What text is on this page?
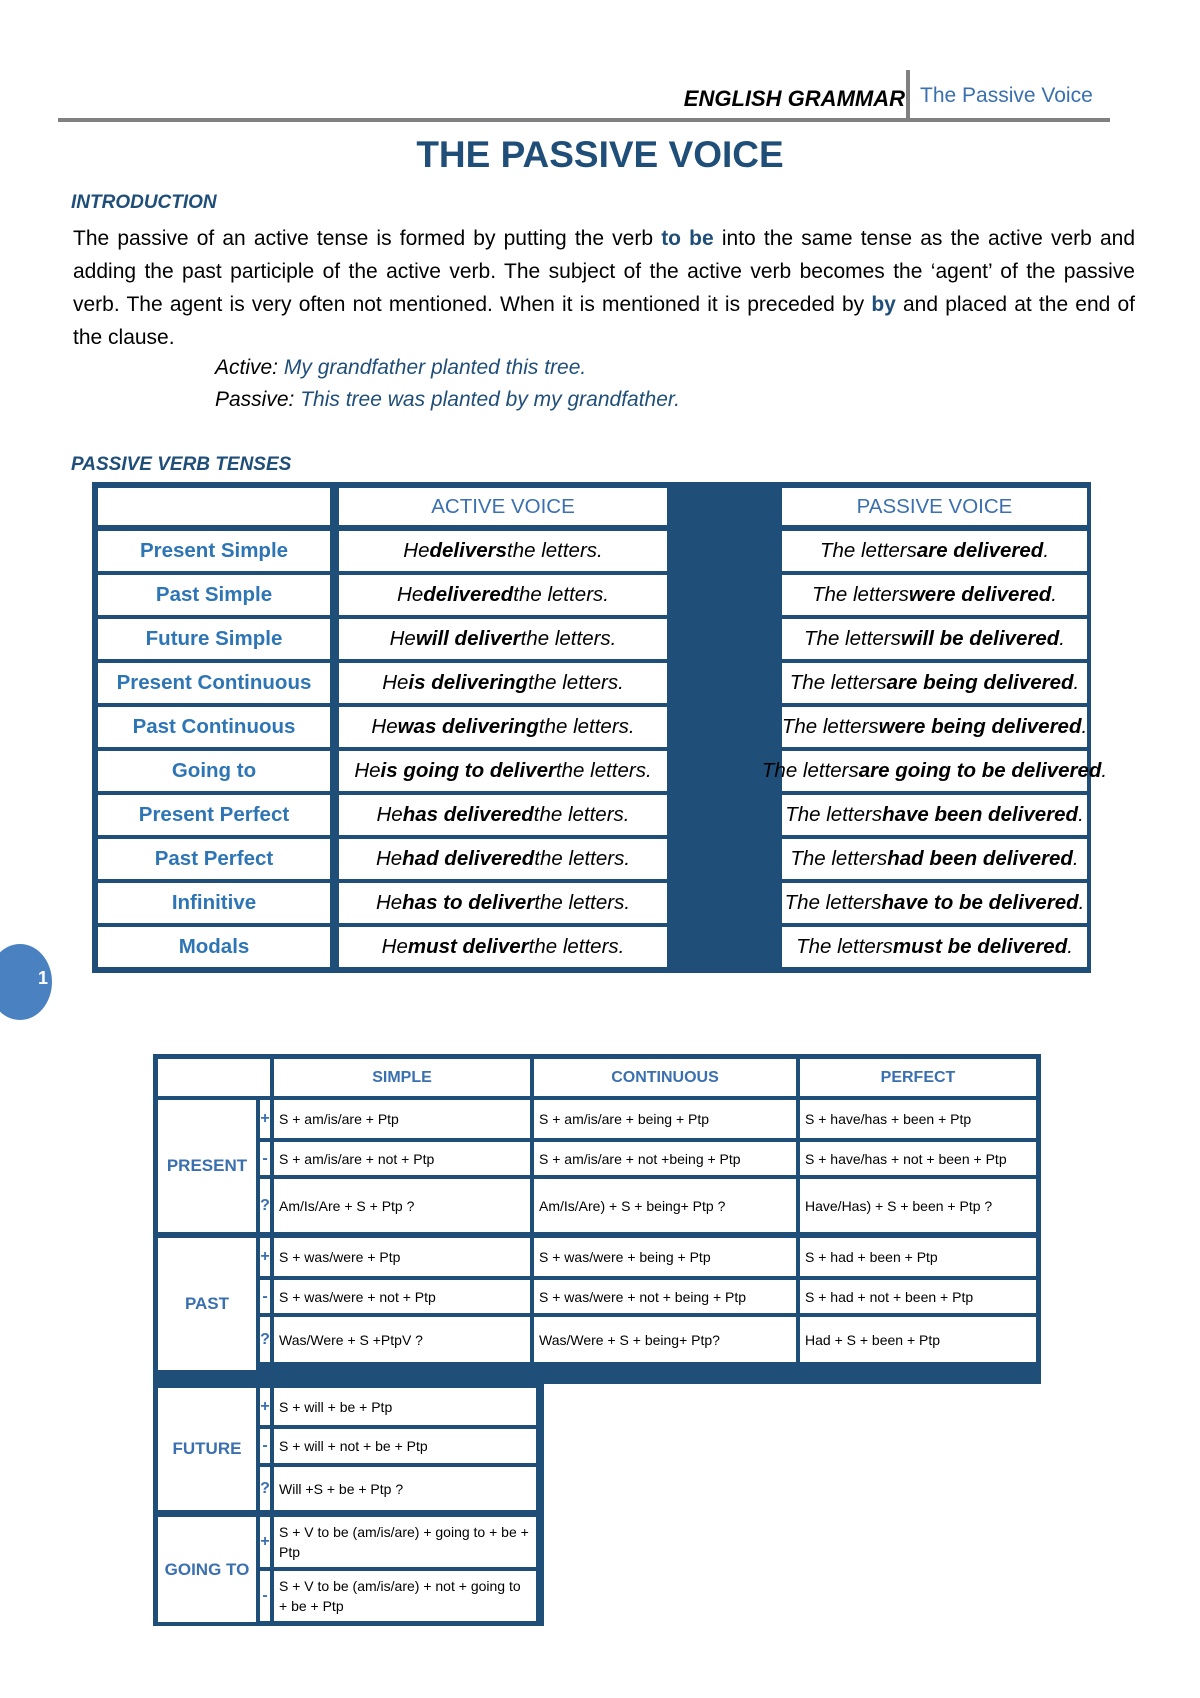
ENGLISH GRAMMAR The Passive Voice
THE PASSIVE VOICE
INTRODUCTION
The passive of an active tense is formed by putting the verb to be into the same tense as the active verb and adding the past participle of the active verb. The subject of the active verb becomes the ‘agent’ of the passive verb. The agent is very often not mentioned. When it is mentioned it is preceded by by and placed at the end of the clause.
Active: My grandfather planted this tree.
Passive: This tree was planted by my grandfather.
PASSIVE VERB TENSES
ACTIVE VOICE	PASSIVE VOICE
Present Simple	He delivers the letters.	The letters are delivered .
Past Simple	He delivered the letters.	The letters were delivered .
Future Simple	He will deliver the letters.	The letters will be delivered .
Present Continuous	He is delivering the letters.	The letters are being delivered .
Past Continuous	He was delivering the letters.	The letters were being delivered .
Going to	He is going to deliver the letters.	The letters are going to be delivered .
Present Perfect	He has delivered the letters.	The letters have been delivered .
Past Perfect	He had delivered the letters.	The letters had been delivered .
Infinitive	He has to deliver the letters.	The letters have to be delivered .
Modals	He must deliver the letters.	The letters must be delivered .
1
SIMPLE	CONTINUOUS	PERFECT
PRESENT
+ S + am/is/are + Ptp	S + am/is/are + being + Ptp	S + have/has + been + Ptp
- S + am/is/are + not + Ptp	S + am/is/are + not +being + Ptp	S + have/has + not + been + Ptp
? Am/Is/Are + S + Ptp ?	Am/Is/Are) + S + being+ Ptp ?	Have/Has) + S + been + Ptp ?
PAST
+ S + was/were + Ptp	S + was/were + being + Ptp	S + had + been + Ptp
- S + was/were + not + Ptp	S + was/were + not + being + Ptp	S + had + not + been + Ptp
? Was/Were + S +PtpV ?	Was/Were + S + being+ Ptp?	Had + S + been + Ptp
FUTURE
+ S + will + be + Ptp
- S + will + not + be + Ptp
? Will +S + be + Ptp ?
GOING TO
+
S + V to be (am/is/are) + going to + be + Ptp
-
S + V to be (am/is/are) + not + going to + be + Ptp
